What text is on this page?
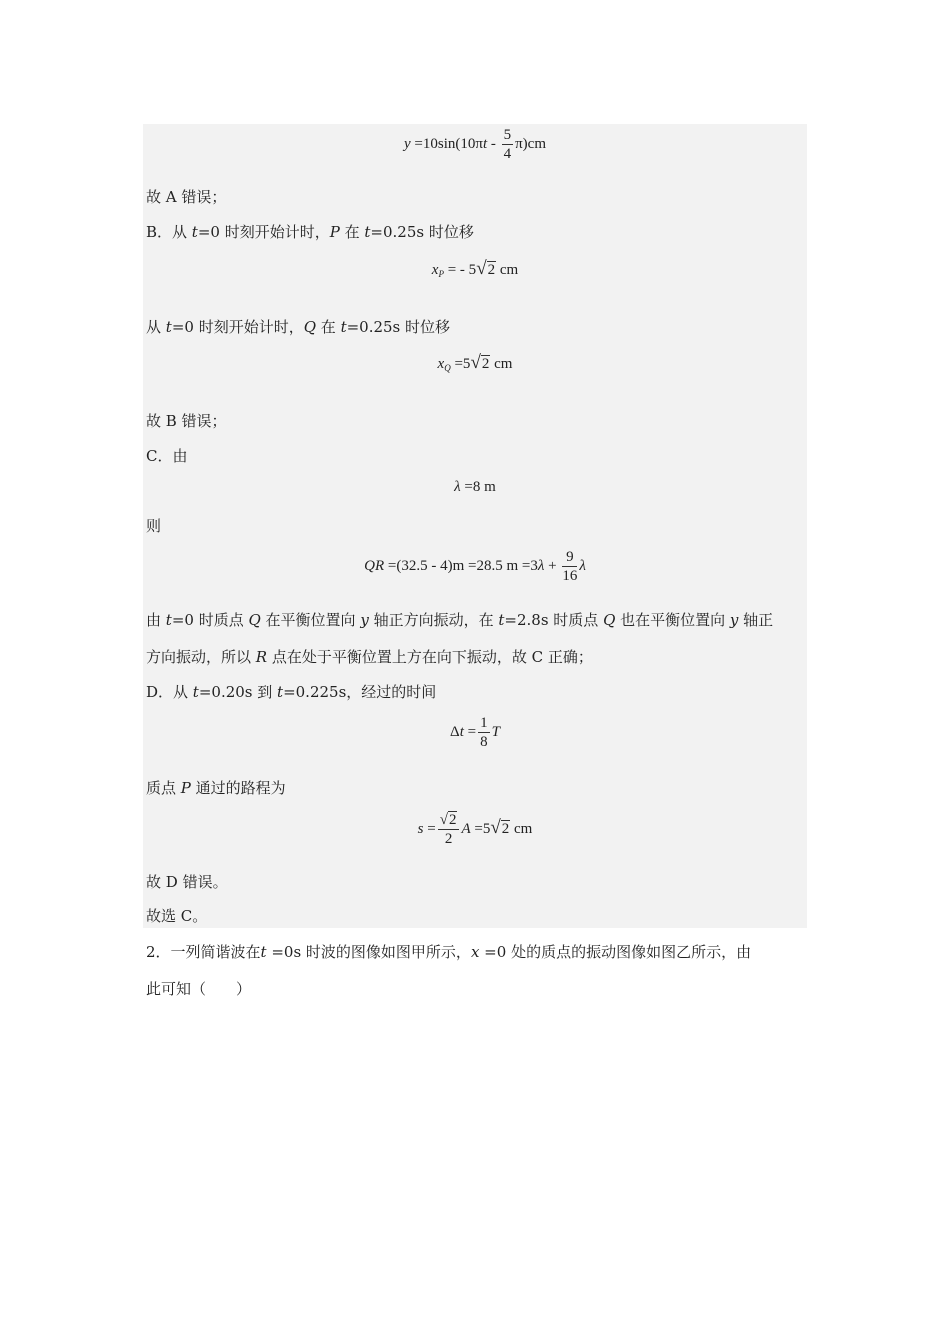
$y =10\sin(10\pi t - \frac{5}{4} \pi)cm$
故 A 错误；
B．从 t=0 时刻开始计时，P 在 t=0.25s 时位移
$x_P$ = - 5√2 cm
从 t=0 时刻开始计时，Q 在 t=0.25s 时位移
$x_Q =5√2$ cm
故 B 错误；
C．由
λ =8 m
则
QR =(32.5 - 4)m =28.5 $m =3\lambda + \frac{9}{16}$ λ
由 t=0 时质点 Q 在平衡位置向 y 轴正方向振动，在 t=2.8s 时质点 Q 也在平衡位置向 y 轴正
方向振动，所以 R 点在处于平衡位置上方在向下振动，故 C 正确；
D．从 t=0.20s 到 t=0.225s，经过的时间
$\Delta t = \frac{1}{8}$ T
质点 P 通过的路程为
$s = \frac{√2}{2}$ A =5√2 cm
故 D 错误。
故选 C。
2．一列简谐波在t =0s 时波的图像如图甲所示，x =0 处的质点的振动图像如图乙所示，由
此可知（　　）
